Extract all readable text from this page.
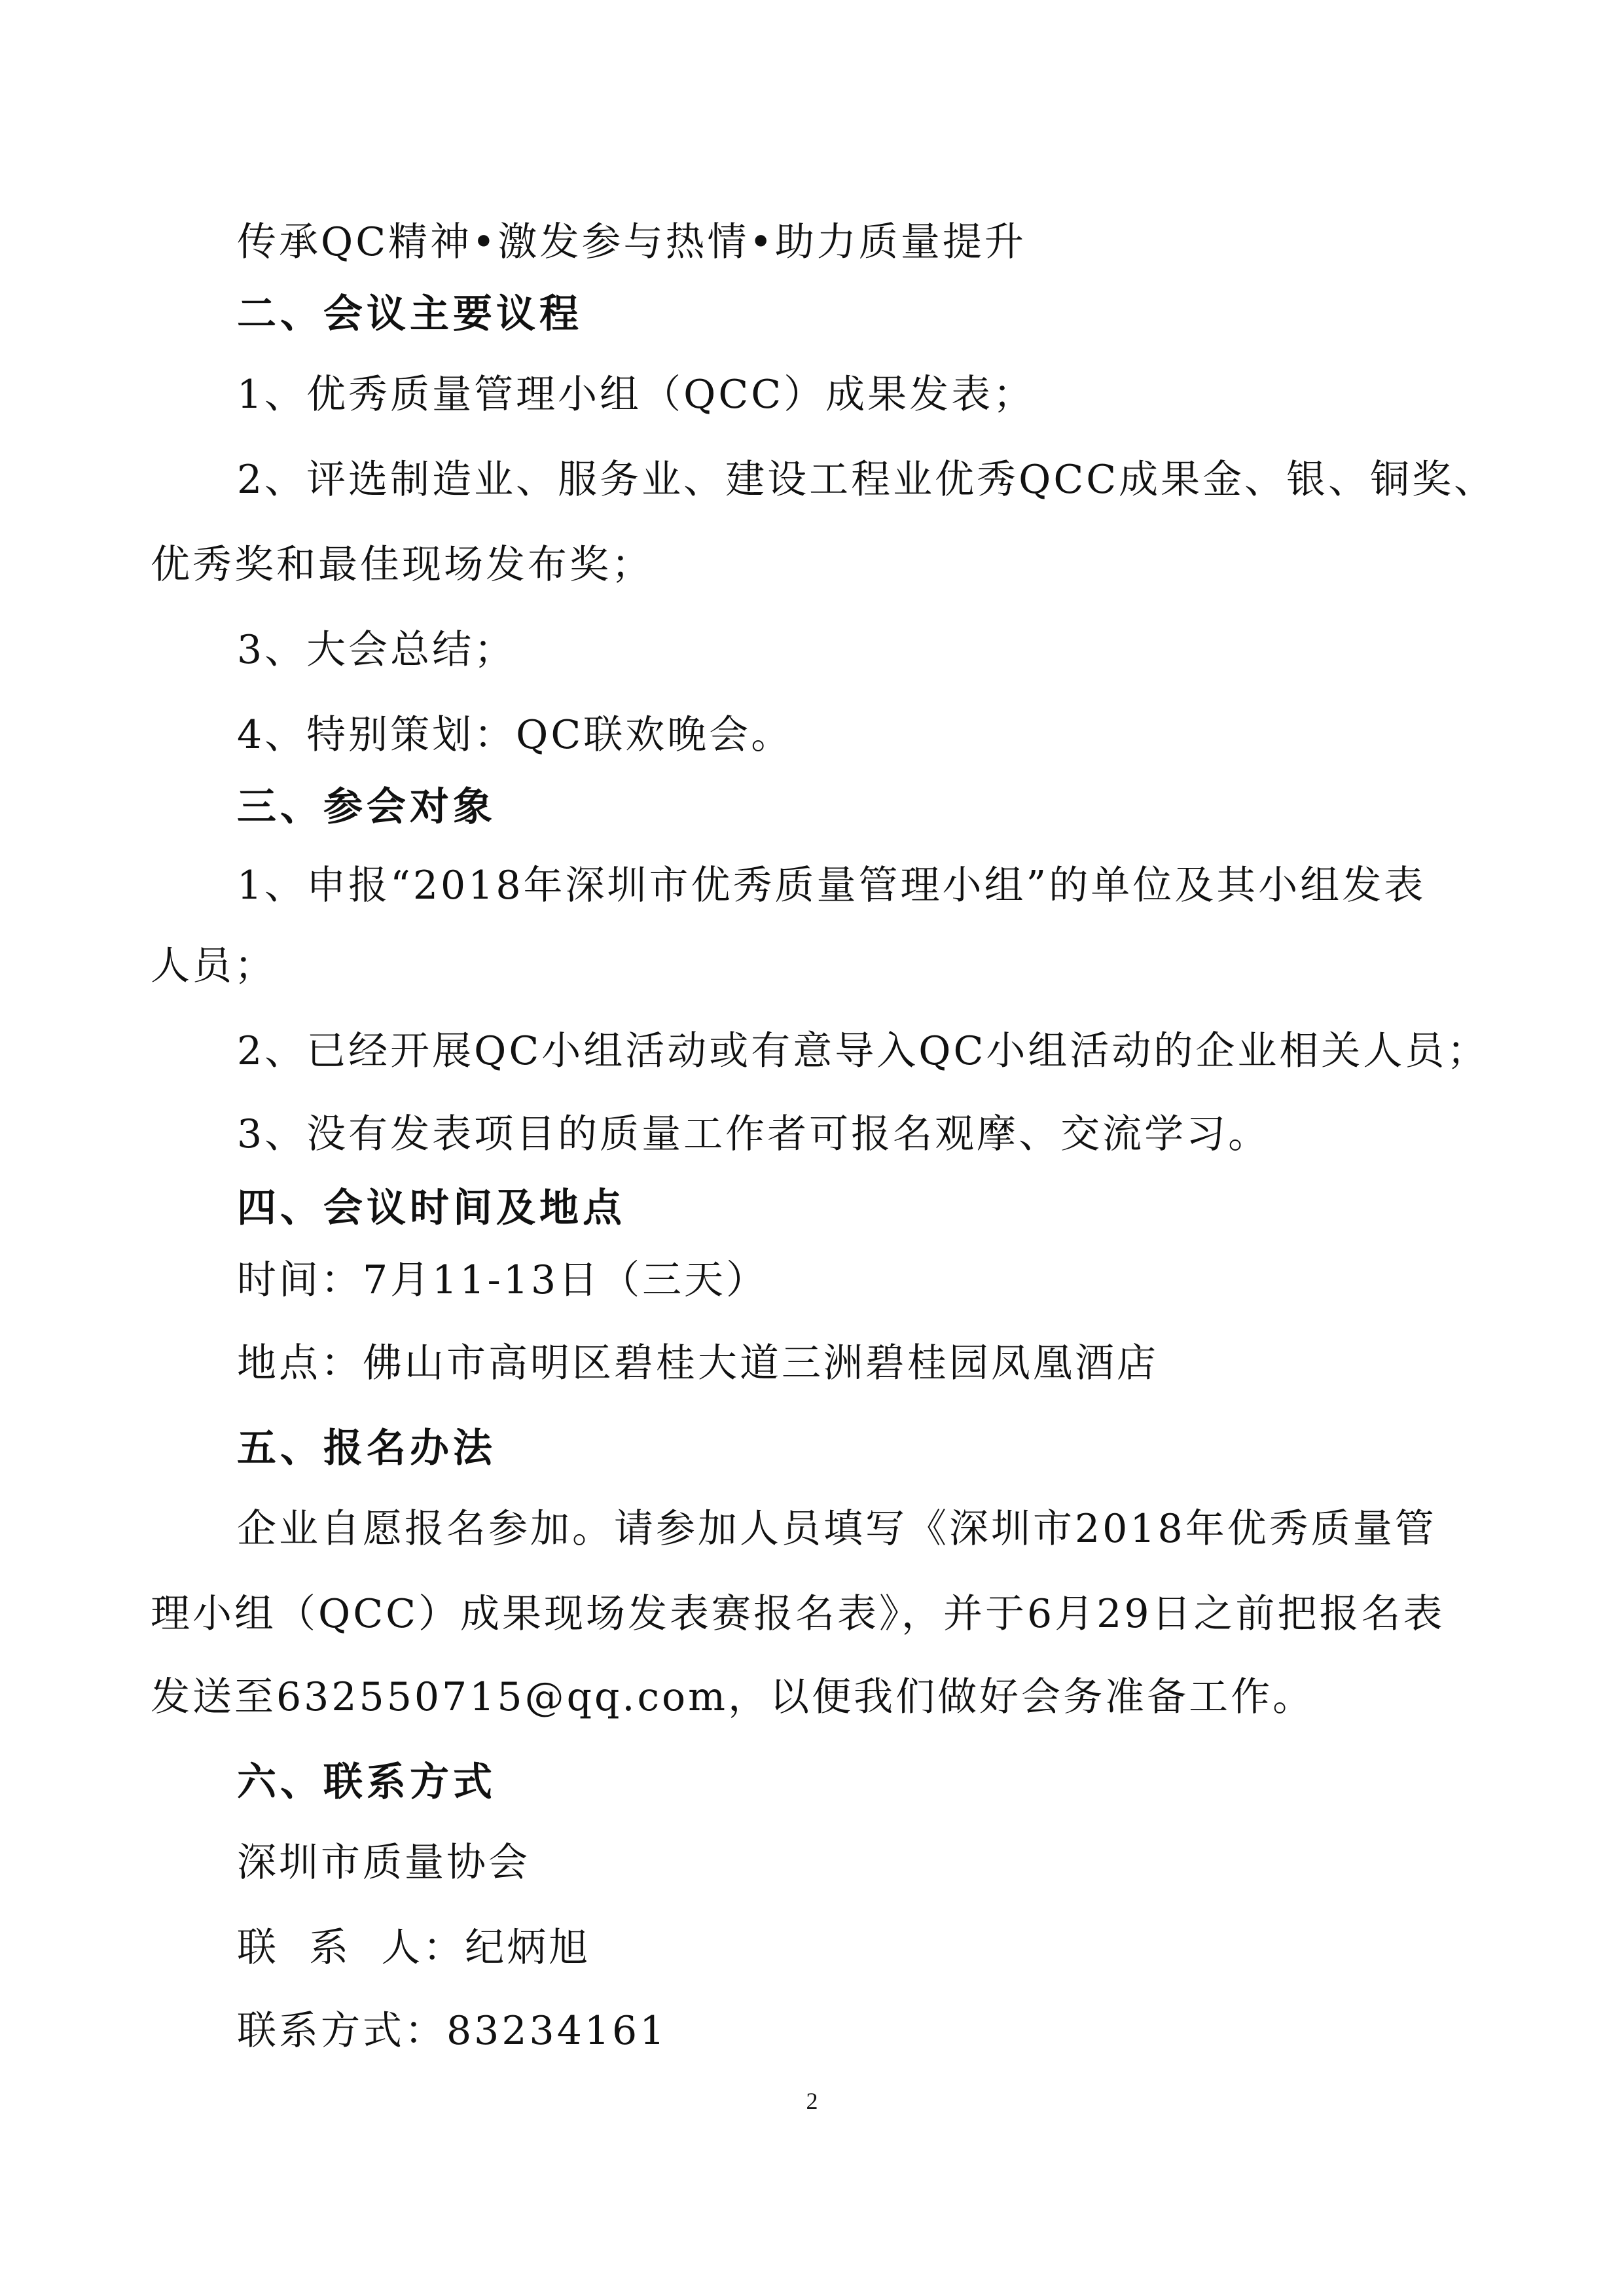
传承QC精神•激发参与热情•助力质量提升
二、会议主要议程
1、优秀质量管理小组（QCC）成果发表；
2、评选制造业、服务业、建设工程业优秀QCC成果金、银、铜奖、
优秀奖和最佳现场发布奖；
3、大会总结；
4、特别策划：QC联欢晚会。
三、参会对象
1、申报“2018年深圳市优秀质量管理小组”的单位及其小组发表
人员；
2、已经开展QC小组活动或有意导入QC小组活动的企业相关人员；
3、没有发表项目的质量工作者可报名观摩、交流学习。
四、会议时间及地点
时间：7月11-13日（三天）
地点：佛山市高明区碧桂大道三洲碧桂园凤凰酒店
五、报名办法
企业自愿报名参加。请参加人员填写《深圳市2018年优秀质量管
理小组（QCC）成果现场发表赛报名表》，并于6月29日之前把报名表
发送至632550715@qq.com，以便我们做好会务准备工作。
六、联系方式
深圳市质量协会
联  系  人：纪炳旭
联系方式：83234161
2
